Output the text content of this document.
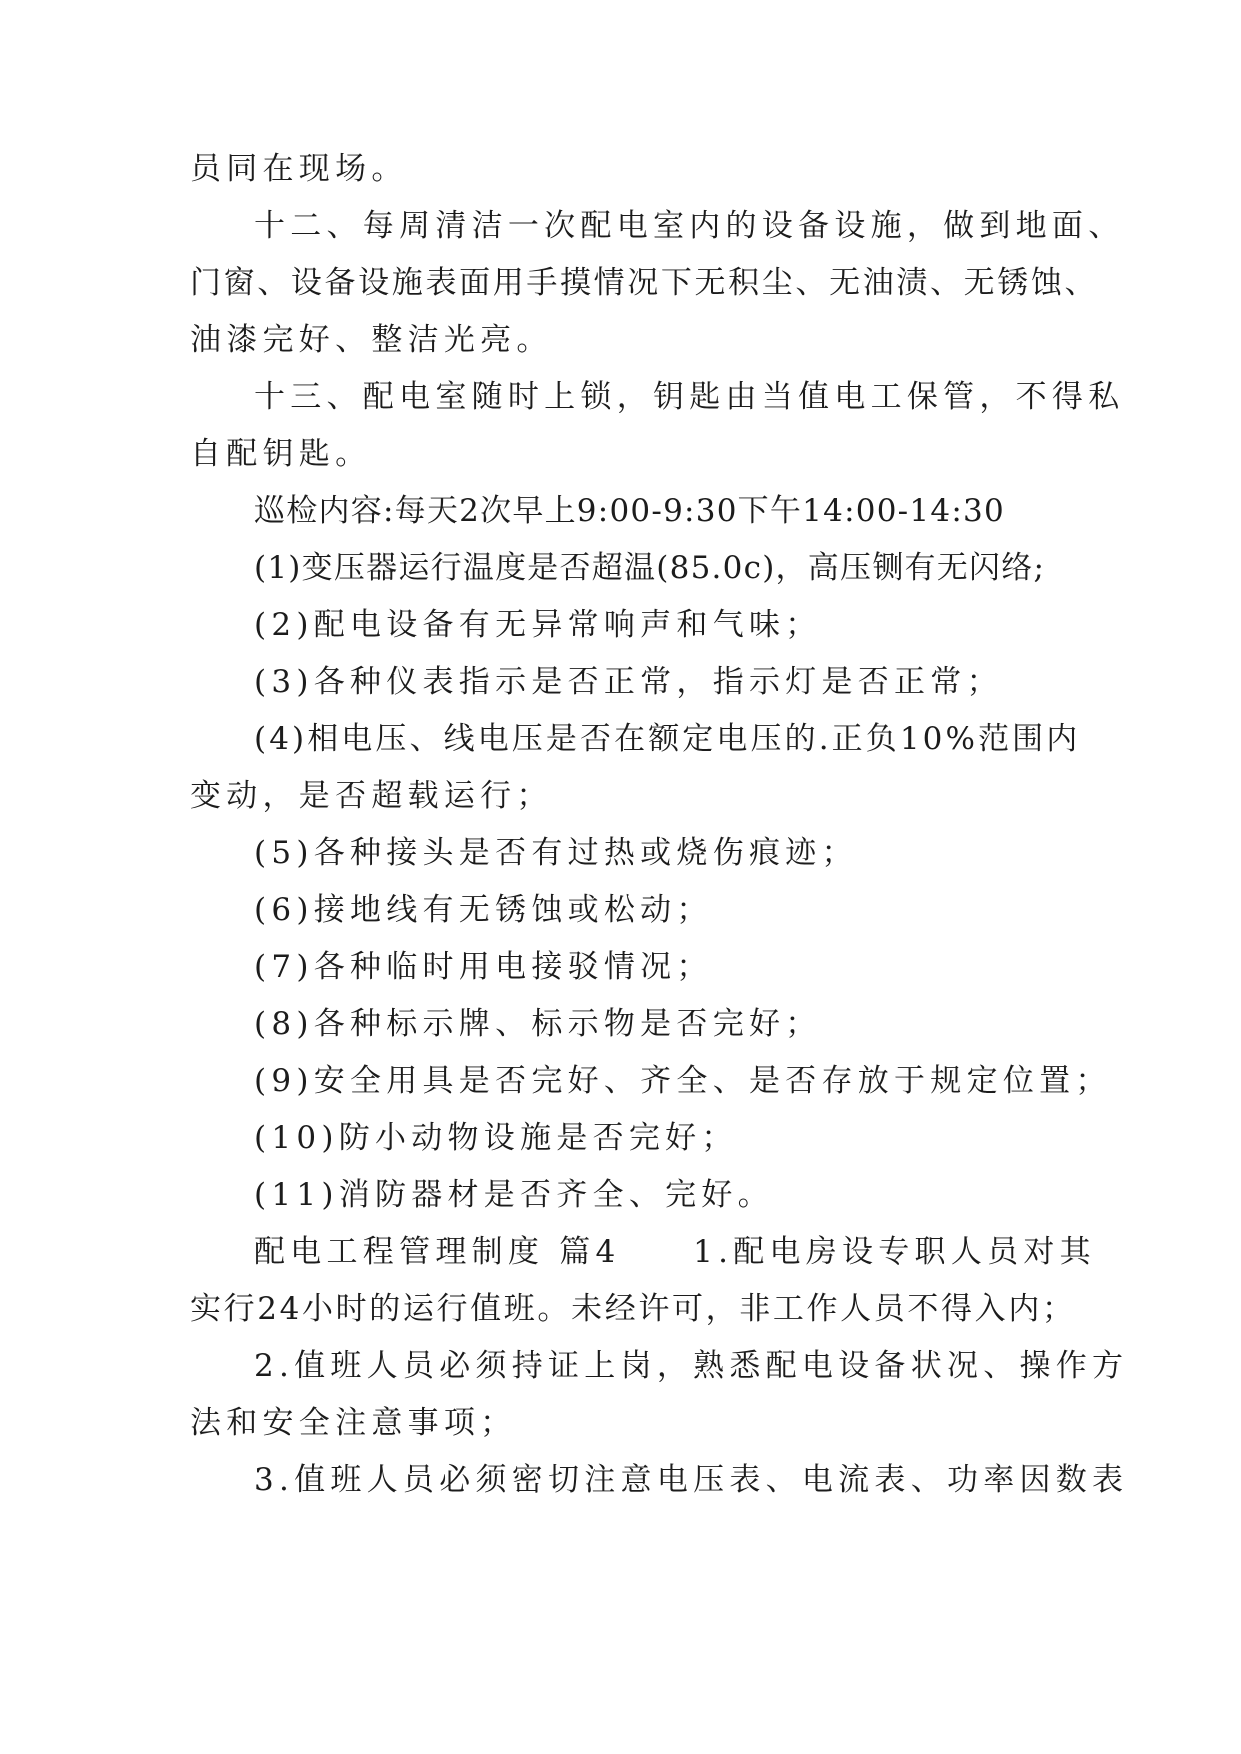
员同在现场。

十二、每周清洁一次配电室内的设备设施，做到地面、

门窗、设备设施表面用手摸情况下无积尘、无油渍、无锈蚀、

油漆完好、整洁光亮。

十三、配电室随时上锁，钥匙由当值电工保管，不得私

自配钥匙。

巡检内容:每天2次早上9:00-9:30下午14:00-14:30

(1)变压器运行温度是否超温(85.0c)，高压铡有无闪络;

(2)配电设备有无异常响声和气味；

(3)各种仪表指示是否正常，指示灯是否正常；

(4)相电压、线电压是否在额定电压的.正负10%范围内

变动，是否超载运行；

(5)各种接头是否有过热或烧伤痕迹；

(6)接地线有无锈蚀或松动；

(7)各种临时用电接驳情况；

(8)各种标示牌、标示物是否完好；

(9)安全用具是否完好、齐全、是否存放于规定位置；

(10)防小动物设施是否完好；

(11)消防器材是否齐全、完好。

配电工程管理制度 篇4　　1.配电房设专职人员对其

实行24小时的运行值班。未经许可，非工作人员不得入内；

2.值班人员必须持证上岗，熟悉配电设备状况、操作方

法和安全注意事项；

3.值班人员必须密切注意电压表、电流表、功率因数表
